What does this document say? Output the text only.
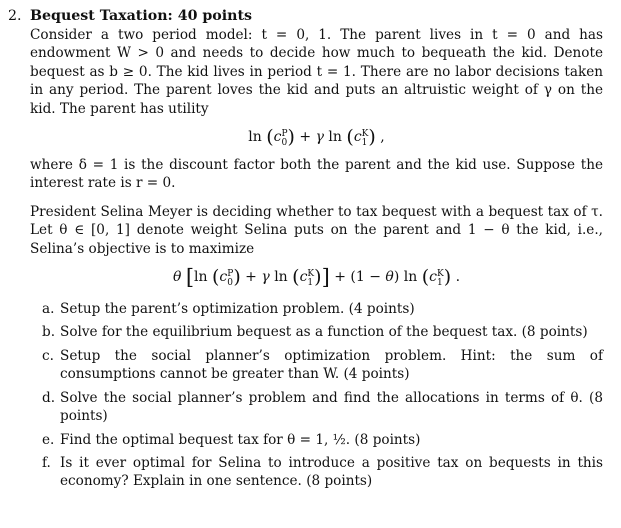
2. Bequest Taxation: 40 points

Consider a two period model: t = 0, 1. The parent lives in t = 0 and has endowment W > 0 and needs to decide how much to bequeath the kid. Denote bequest as b ≥ 0. The kid lives in period t = 1. There are no labor decisions taken in any period. The parent loves the kid and puts an altruistic weight of γ on the kid. The parent has utility

ln (c P
0 ) + γ ln (c K
1 ) ,

where δ = 1 is the discount factor both the parent and the kid use. Suppose the interest rate is r = 0.

President Selina Meyer is deciding whether to tax bequest with a bequest tax of τ. Let θ ∈ [0, 1] denote weight Selina puts on the parent and 1 − θ the kid, i.e., Selina’s objective is to maximize

θ [ln (c P
0 ) + γ ln (c K
1 )] + (1 − θ) ln (c K
1 ) .
a. Setup the parent’s optimization problem. (4 points)
b. Solve for the equilibrium bequest as a function of the bequest tax. (8 points)
c. Setup the social planner’s optimization problem. Hint: the sum of consumptions cannot be greater than W. (4 points)
d. Solve the social planner’s problem and find the allocations in terms of θ. (8 points)
e. Find the optimal bequest tax for θ = 1, ½. (8 points)
f. Is it ever optimal for Selina to introduce a positive tax on bequests in this economy? Explain in one sentence. (8 points)
